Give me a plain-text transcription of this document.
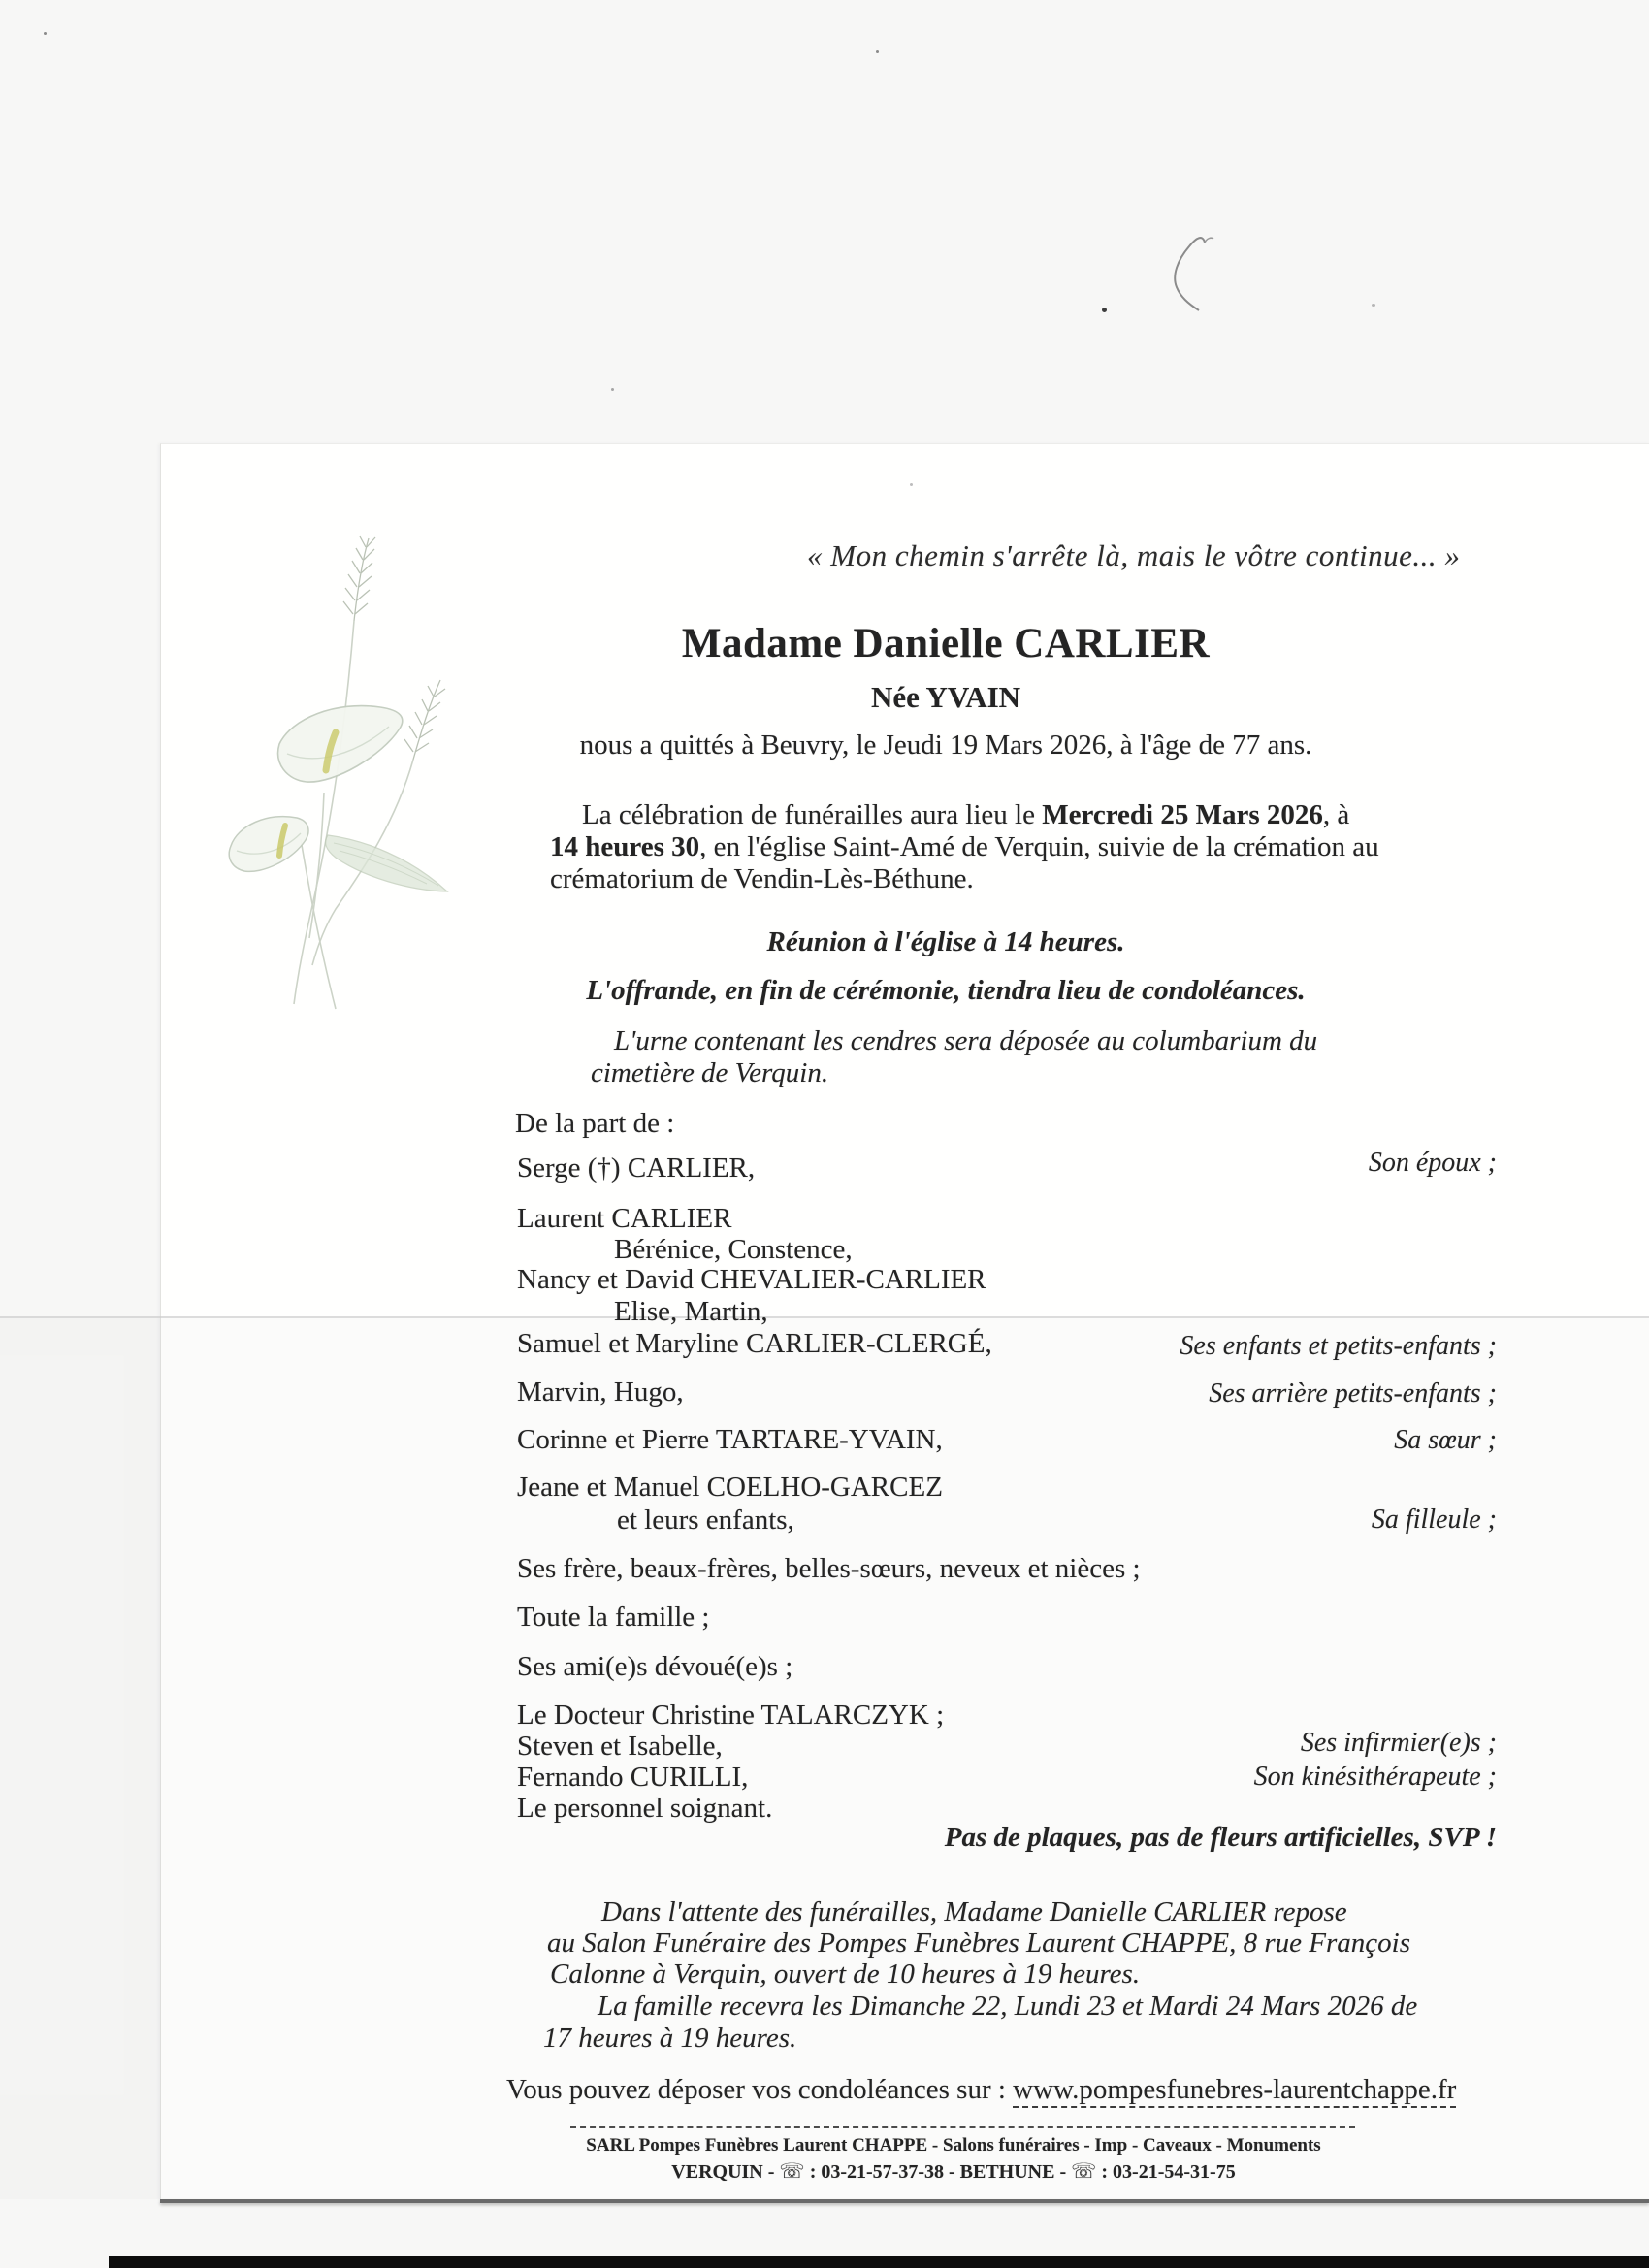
« Mon chemin s'arrête là, mais le vôtre continue... »
Madame Danielle CARLIER
Née YVAIN
nous a quittés à Beuvry, le Jeudi 19 Mars 2026, à l'âge de 77 ans.
La célébration de funérailles aura lieu le Mercredi 25 Mars 2026, à
14 heures 30, en l'église Saint-Amé de Verquin, suivie de la crémation au
crématorium de Vendin-Lès-Béthune.
Réunion à l'église à 14 heures.
L'offrande, en fin de cérémonie, tiendra lieu de condoléances.
L'urne contenant les cendres sera déposée au columbarium du
cimetière de Verquin.
De la part de :
Serge (†) CARLIER,
Laurent CARLIER
Bérénice, Constence,
Nancy et David CHEVALIER-CARLIER
Elise, Martin,
Samuel et Maryline CARLIER-CLERGÉ,
Marvin, Hugo,
Corinne et Pierre TARTARE-YVAIN,
Jeane et Manuel COELHO-GARCEZ
et leurs enfants,
Ses frère, beaux-frères, belles-sœurs, neveux et nièces ;
Toute la famille ;
Ses ami(e)s dévoué(e)s ;
Le Docteur Christine TALARCZYK ;
Steven et Isabelle,
Fernando CURILLI,
Le personnel soignant.
Son époux ;
Ses enfants et petits-enfants ;
Ses arrière petits-enfants ;
Sa sœur ;
Sa filleule ;
Ses infirmier(e)s ;
Son kinésithérapeute ;
Pas de plaques, pas de fleurs artificielles, SVP !
Dans l'attente des funérailles, Madame Danielle CARLIER repose
au Salon Funéraire des Pompes Funèbres Laurent CHAPPE, 8 rue François
Calonne à Verquin, ouvert de 10 heures à 19 heures.
La famille recevra les Dimanche 22, Lundi 23 et Mardi 24 Mars 2026 de
17 heures à 19 heures.
Vous pouvez déposer vos condoléances sur : www.pompesfunebres-laurentchappe.fr
SARL Pompes Funèbres Laurent CHAPPE - Salons funéraires - Imp - Caveaux - Monuments
VERQUIN - ☏ : 03-21-57-37-38 - BETHUNE - ☏ : 03-21-54-31-75
